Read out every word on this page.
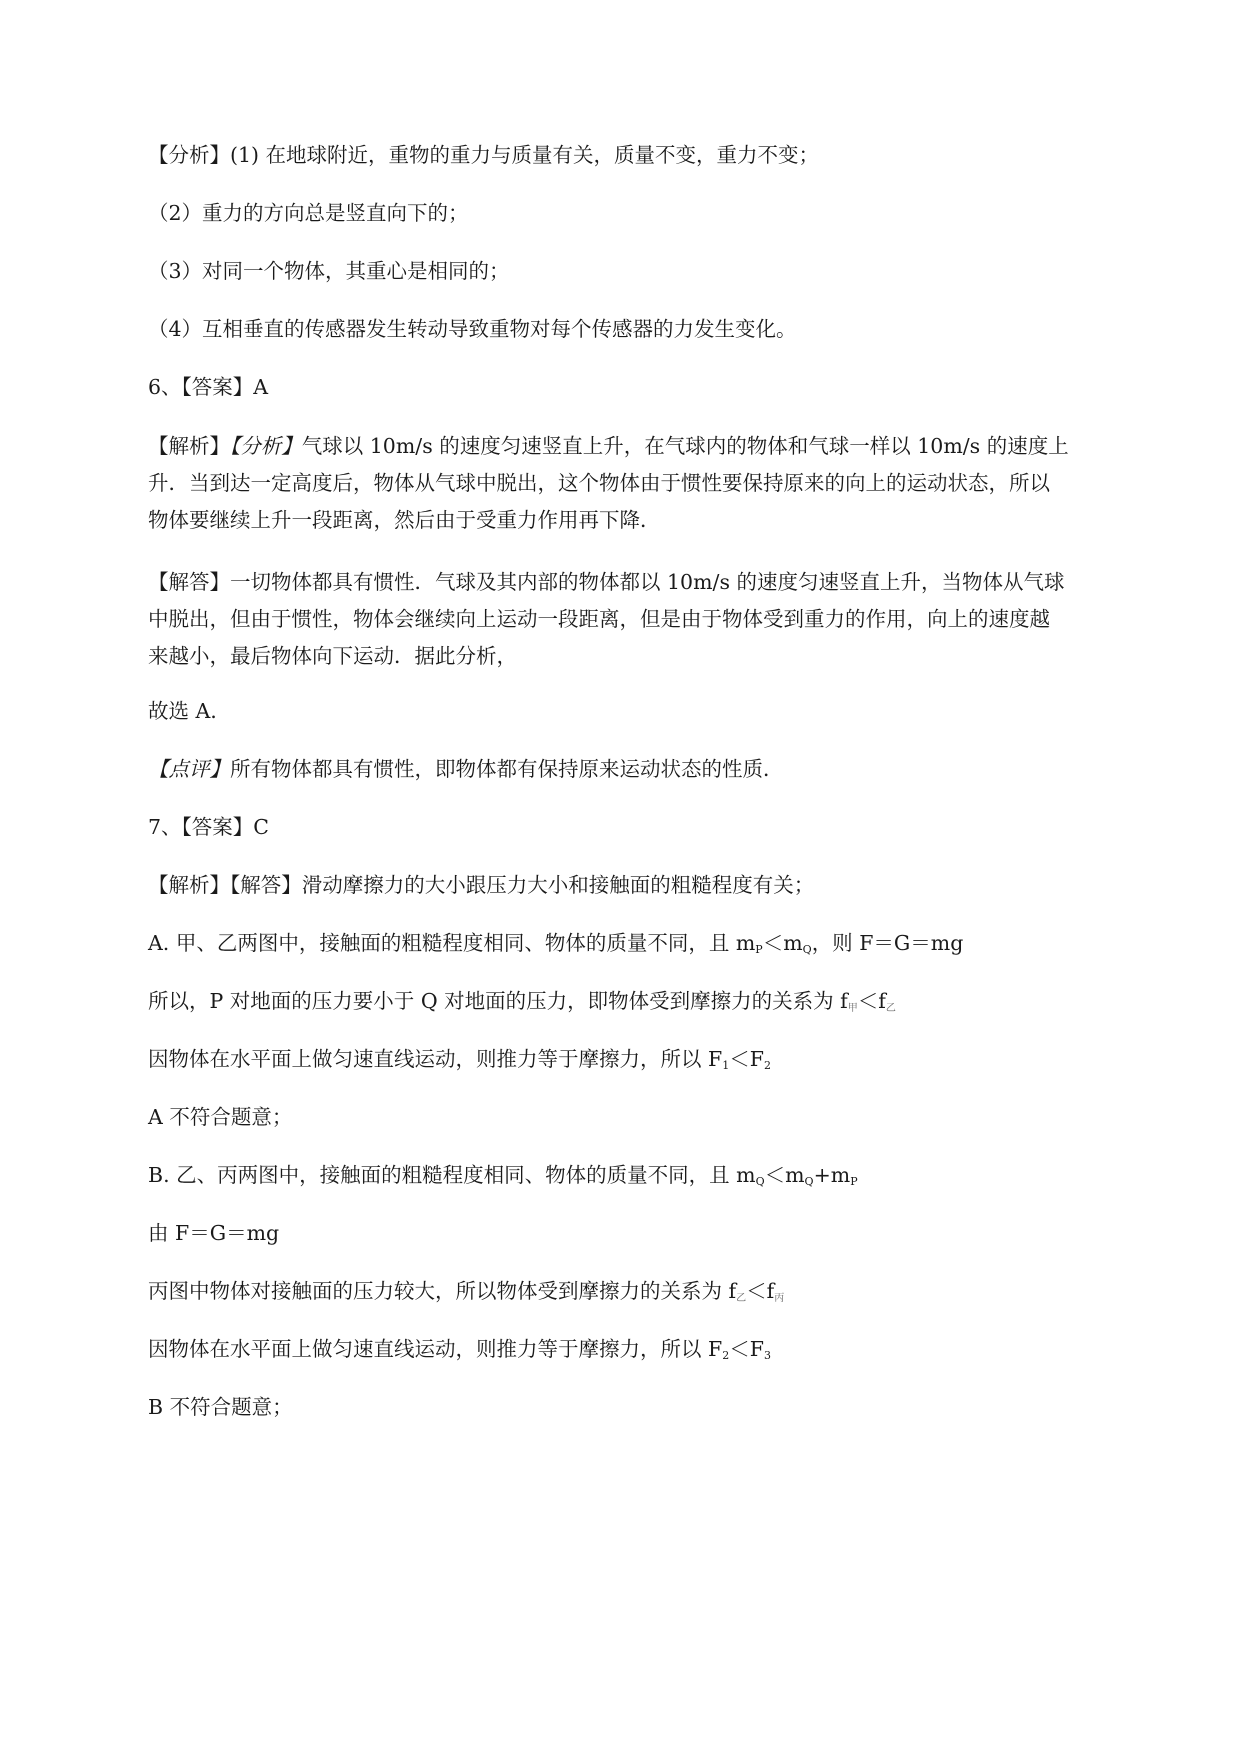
【分析】(1) 在地球附近，重物的重力与质量有关，质量不变，重力不变；
（2）重力的方向总是竖直向下的；
（3）对同一个物体，其重心是相同的；
（4）互相垂直的传感器发生转动导致重物对每个传感器的力发生变化。
6、【答案】A
【解析】【分析】气球以 10m/s 的速度匀速竖直上升，在气球内的物体和气球一样以 10m/s 的速度上
升．当到达一定高度后，物体从气球中脱出，这个物体由于惯性要保持原来的向上的运动状态，所以
物体要继续上升一段距离，然后由于受重力作用再下降．
【解答】一切物体都具有惯性．气球及其内部的物体都以 10m/s 的速度匀速竖直上升，当物体从气球
中脱出，但由于惯性，物体会继续向上运动一段距离，但是由于物体受到重力的作用，向上的速度越
来越小，最后物体向下运动．据此分析，
故选 A．
【点评】所有物体都具有惯性，即物体都有保持原来运动状态的性质．
7、【答案】C
【解析】【解答】滑动摩擦力的大小跟压力大小和接触面的粗糙程度有关；
A. 甲、乙两图中，接触面的粗糙程度相同、物体的质量不同，且 $m_P<m_Q$，则 F＝G＝mg
所以，P 对地面的压力要小于 Q 对地面的压力，即物体受到摩擦力的关系为 f甲＜f乙
因物体在水平面上做匀速直线运动，则推力等于摩擦力，所以 $F_1<F_2$
A 不符合题意；
B. 乙、丙两图中，接触面的粗糙程度相同、物体的质量不同，且 $m_Q<m_Q+m_P$
由 F＝G＝mg
丙图中物体对接触面的压力较大，所以物体受到摩擦力的关系为 f乙＜f丙
因物体在水平面上做匀速直线运动，则推力等于摩擦力，所以 $F_2<F_3$
B 不符合题意；
